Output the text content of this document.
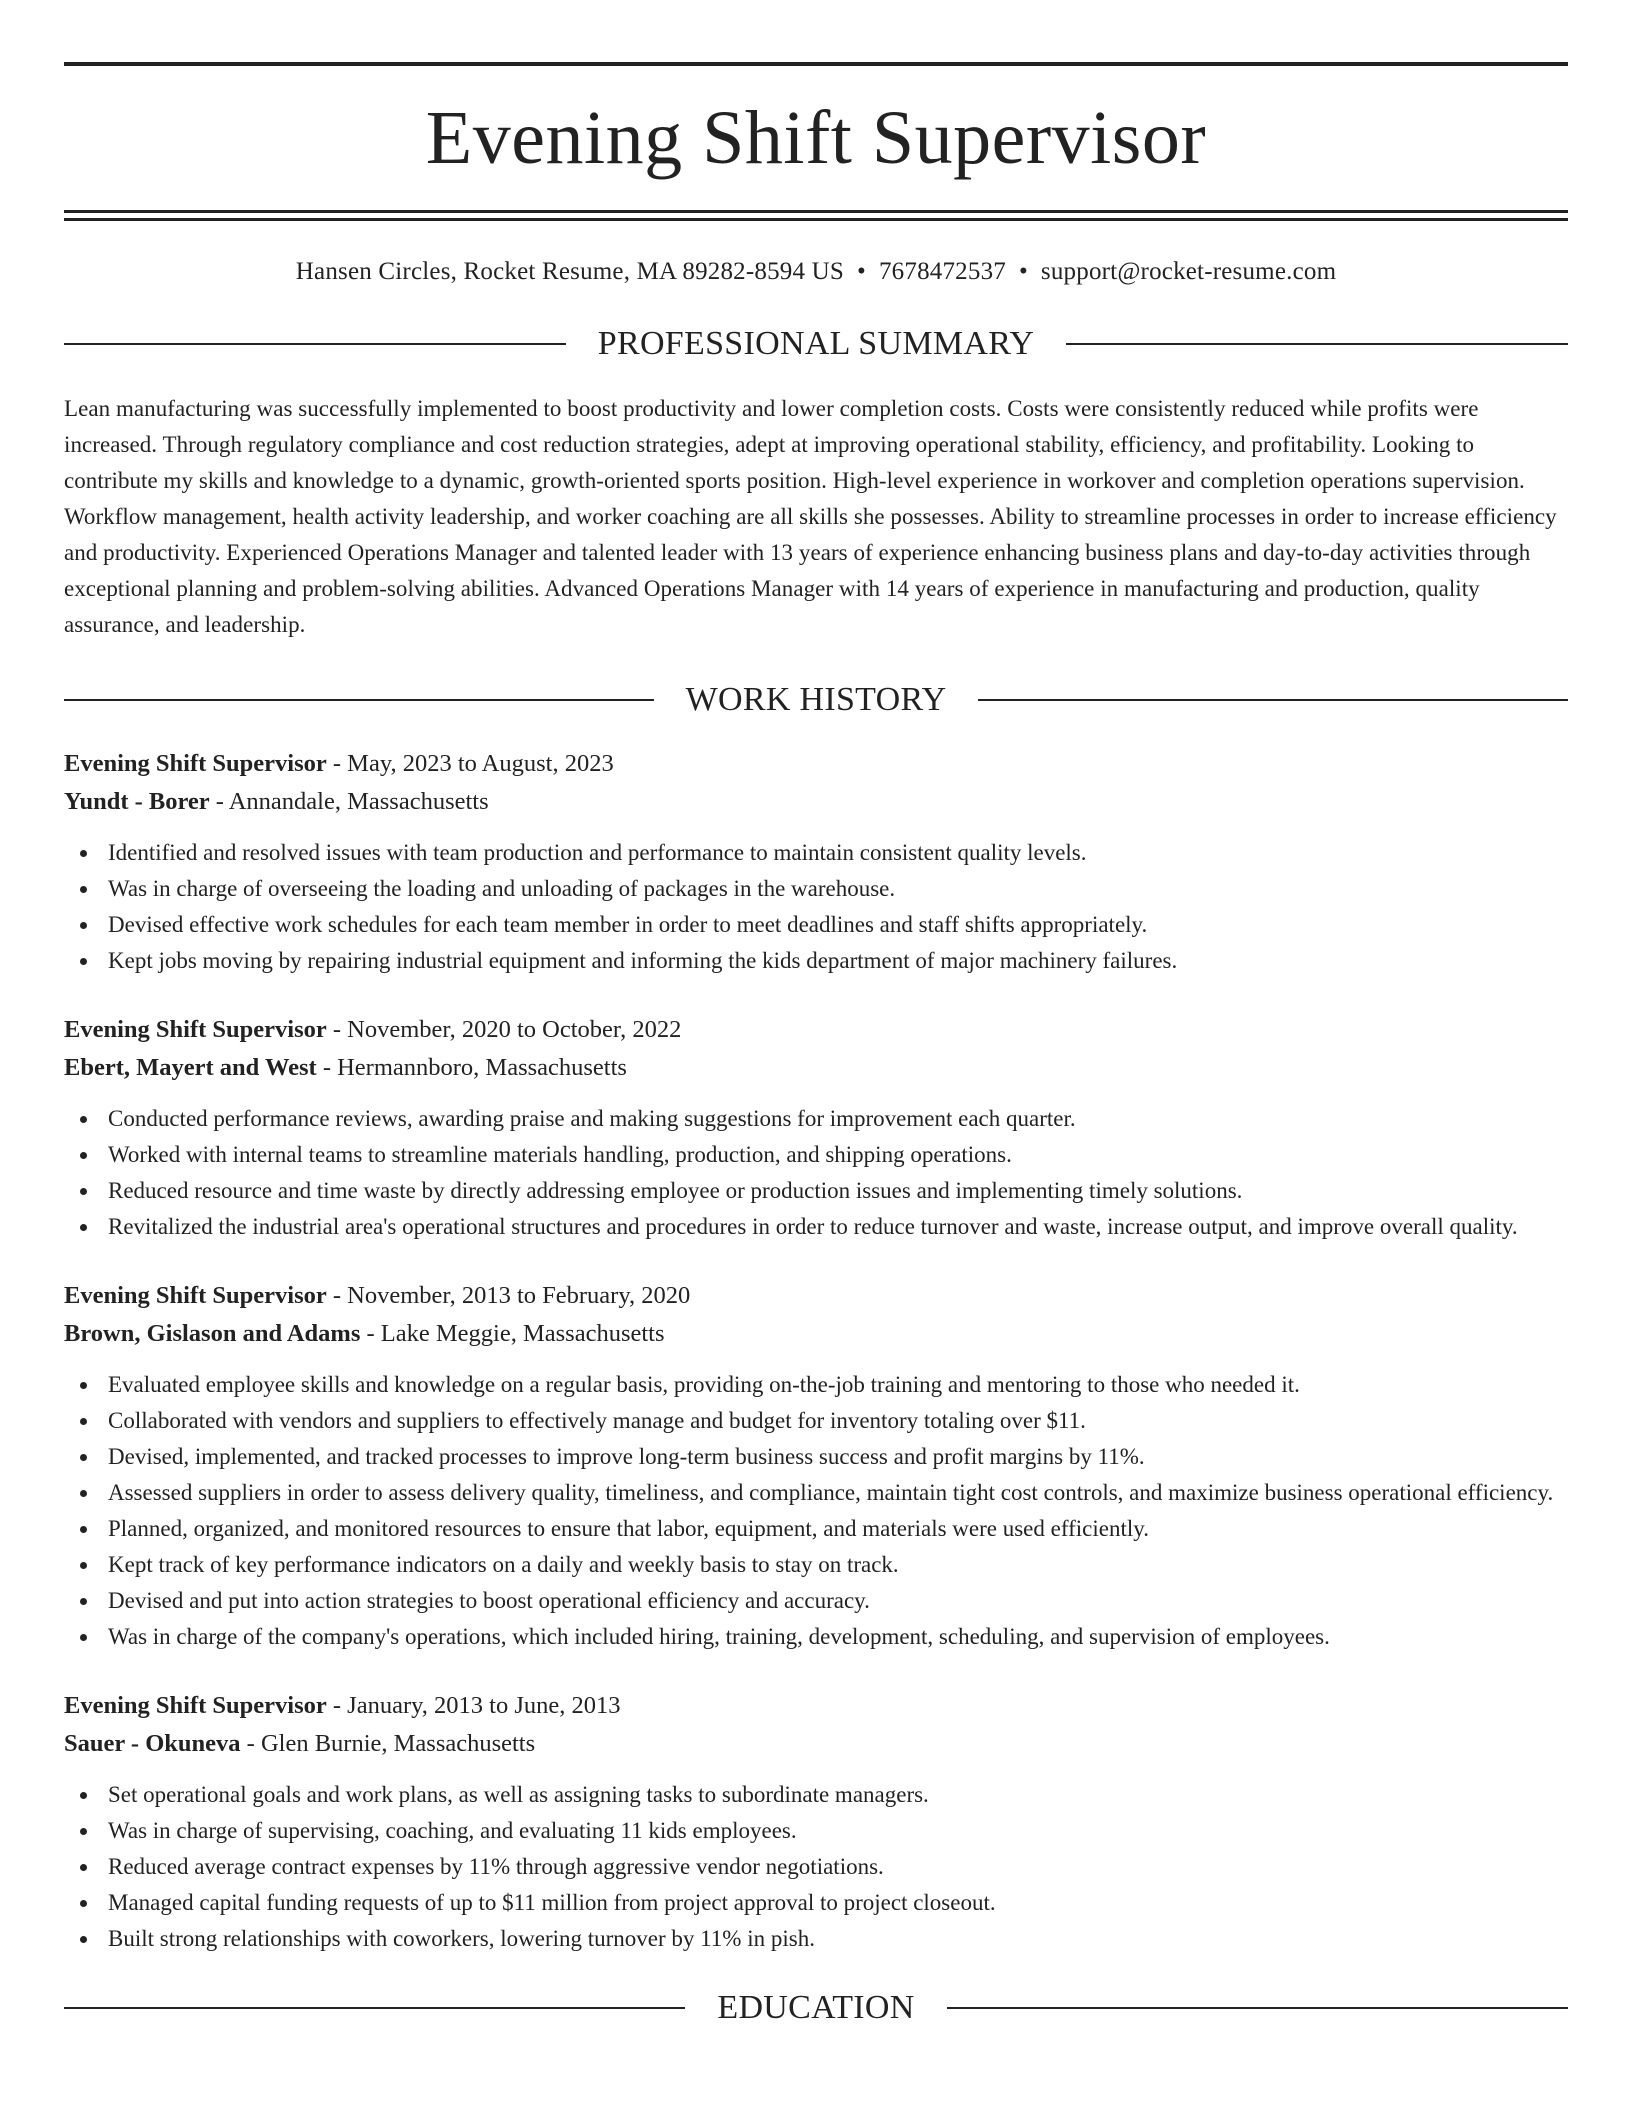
Evening Shift Supervisor
Hansen Circles, Rocket Resume, MA 89282-8594 US • 7678472537 • support@rocket-resume.com
PROFESSIONAL SUMMARY

Lean manufacturing was successfully implemented to boost productivity and lower completion costs. Costs were consistently reduced while profits were increased. Through regulatory compliance and cost reduction strategies, adept at improving operational stability, efficiency, and profitability. Looking to contribute my skills and knowledge to a dynamic, growth-oriented sports position. High-level experience in workover and completion operations supervision. Workflow management, health activity leadership, and worker coaching are all skills she possesses. Ability to streamline processes in order to increase efficiency and productivity. Experienced Operations Manager and talented leader with 13 years of experience enhancing business plans and day-to-day activities through exceptional planning and problem-solving abilities. Advanced Operations Manager with 14 years of experience in manufacturing and production, quality assurance, and leadership.

WORK HISTORY
Evening Shift Supervisor - May, 2023 to August, 2023
Yundt - Borer - Annandale, Massachusetts
Identified and resolved issues with team production and performance to maintain consistent quality levels.
Was in charge of overseeing the loading and unloading of packages in the warehouse.
Devised effective work schedules for each team member in order to meet deadlines and staff shifts appropriately.
Kept jobs moving by repairing industrial equipment and informing the kids department of major machinery failures.
Evening Shift Supervisor - November, 2020 to October, 2022
Ebert, Mayert and West - Hermannboro, Massachusetts
Conducted performance reviews, awarding praise and making suggestions for improvement each quarter.
Worked with internal teams to streamline materials handling, production, and shipping operations.
Reduced resource and time waste by directly addressing employee or production issues and implementing timely solutions.
Revitalized the industrial area's operational structures and procedures in order to reduce turnover and waste, increase output, and improve overall quality.
Evening Shift Supervisor - November, 2013 to February, 2020
Brown, Gislason and Adams - Lake Meggie, Massachusetts
Evaluated employee skills and knowledge on a regular basis, providing on-the-job training and mentoring to those who needed it.
Collaborated with vendors and suppliers to effectively manage and budget for inventory totaling over $11.
Devised, implemented, and tracked processes to improve long-term business success and profit margins by 11%.
Assessed suppliers in order to assess delivery quality, timeliness, and compliance, maintain tight cost controls, and maximize business operational efficiency.
Planned, organized, and monitored resources to ensure that labor, equipment, and materials were used efficiently.
Kept track of key performance indicators on a daily and weekly basis to stay on track.
Devised and put into action strategies to boost operational efficiency and accuracy.
Was in charge of the company's operations, which included hiring, training, development, scheduling, and supervision of employees.
Evening Shift Supervisor - January, 2013 to June, 2013
Sauer - Okuneva - Glen Burnie, Massachusetts
Set operational goals and work plans, as well as assigning tasks to subordinate managers.
Was in charge of supervising, coaching, and evaluating 11 kids employees.
Reduced average contract expenses by 11% through aggressive vendor negotiations.
Managed capital funding requests of up to $11 million from project approval to project closeout.
Built strong relationships with coworkers, lowering turnover by 11% in pish.
EDUCATION
